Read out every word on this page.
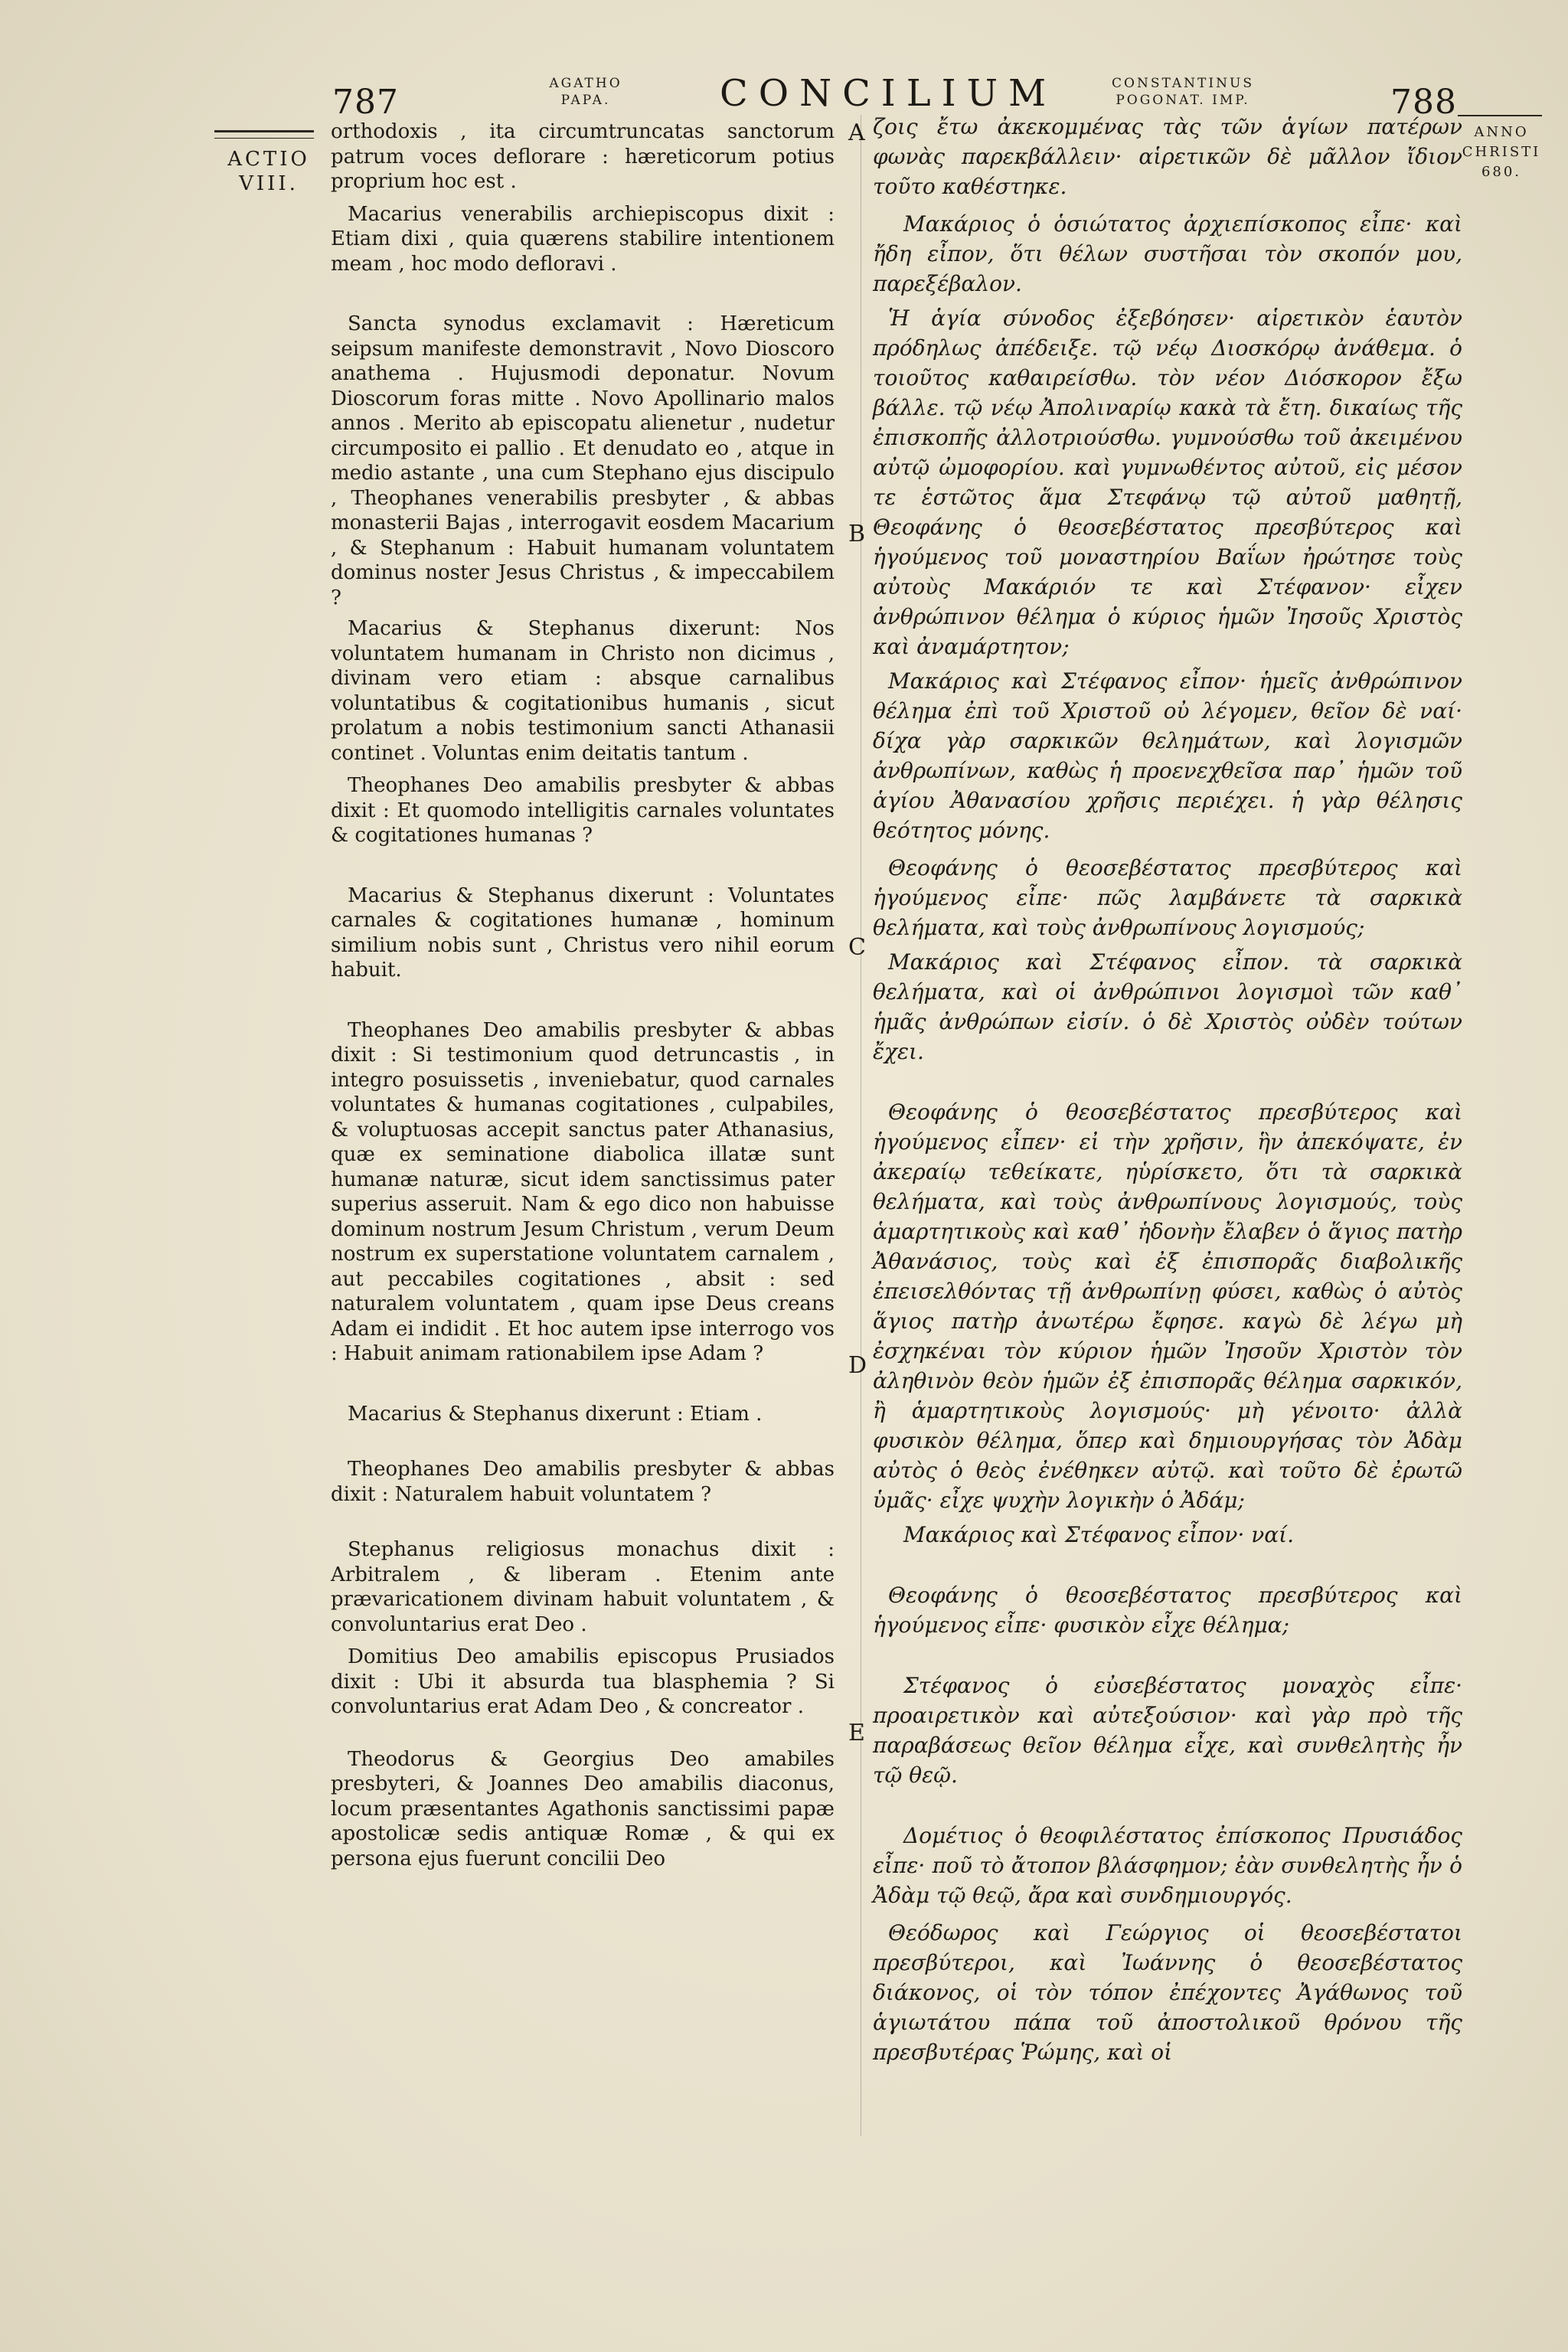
787	AGATHO
PAPA.	CONCILIUM	CONSTANTINUS
POGONAT. IMP.	788
ACTIO
VIII.
ANNO
CHRISTI
680.
A
B
C
D
E

orthodoxis , ita circumtruncatas sanctorum patrum voces deflorare : hæreticorum potius proprium hoc est .

Macarius venerabilis archiepiscopus dixit : Etiam dixi , quia quærens stabilire intentionem meam , hoc modo defloravi .

Sancta synodus exclamavit : Hæreticum seipsum manifeste demonstravit , Novo Dioscoro anathema . Hujusmodi deponatur. Novum Dioscorum foras mitte . Novo Apollinario malos annos . Merito ab episcopatu alienetur , nudetur circumposito ei pallio . Et denudato eo , atque in medio astante , una cum Stephano ejus discipulo , Theophanes venerabilis presbyter , & abbas monasterii Bajas , interrogavit eosdem Macarium , & Stephanum : Habuit humanam voluntatem dominus noster Jesus Christus , & impeccabilem ?

Macarius & Stephanus dixerunt: Nos voluntatem humanam in Christo non dicimus , divinam vero etiam : absque carnalibus voluntatibus & cogitationibus humanis , sicut prolatum a nobis testimonium sancti Athanasii continet . Voluntas enim deitatis tantum .

Theophanes Deo amabilis presbyter & abbas dixit : Et quomodo intelligitis carnales voluntates & cogitationes humanas ?

Macarius & Stephanus dixerunt : Voluntates carnales & cogitationes humanæ , hominum similium nobis sunt , Christus vero nihil eorum habuit.

Theophanes Deo amabilis presbyter & abbas dixit : Si testimonium quod detruncastis , in integro posuissetis , inveniebatur, quod carnales voluntates & humanas cogitationes , culpabiles, & voluptuosas accepit sanctus pater Athanasius, quæ ex seminatione diabolica illatæ sunt humanæ naturæ, sicut idem sanctissimus pater superius asseruit. Nam & ego dico non habuisse dominum nostrum Jesum Christum , verum Deum nostrum ex superstatione voluntatem carnalem , aut peccabiles cogitationes , absit : sed naturalem voluntatem , quam ipse Deus creans Adam ei indidit . Et hoc autem ipse interrogo vos : Habuit animam rationabilem ipse Adam ?

Macarius & Stephanus dixerunt : Etiam .

Theophanes Deo amabilis presbyter & abbas dixit : Naturalem habuit voluntatem ?

Stephanus religiosus monachus dixit : Arbitralem , & liberam . Etenim ante prævaricationem divinam habuit voluntatem , & convoluntarius erat Deo .

Domitius Deo amabilis episcopus Prusiados dixit : Ubi it absurda tua blasphemia ? Si convoluntarius erat Adam Deo , & concreator .

Theodorus & Georgius Deo amabiles presbyteri, & Joannes Deo amabilis diaconus, locum præsentantes Agathonis sanctissimi papæ apostolicæ sedis antiquæ Romæ , & qui ex persona ejus fuerunt concilii Deo

ζοις ἔτω ἀκεκομμένας τὰς τῶν ἁγίων πατέρων φωνὰς παρεκβάλλειν· αἱρετικῶν δὲ μᾶλλον ἴδιον τοῦτο καθέστηκε.

Μακάριος ὁ ὁσιώτατος ἀρχιεπίσκοπος εἶπε· καὶ ἤδη εἶπον, ὅτι θέλων συστῆσαι τὸν σκοπόν μου, παρεξέβαλον.

Ἡ ἁγία σύνοδος ἐξεβόησεν· αἱρετικὸν ἑαυτὸν πρόδηλως ἀπέδειξε. τῷ νέῳ Διοσκόρῳ ἀνάθεμα. ὁ τοιοῦτος καθαιρείσθω. τὸν νέον Διόσκορον ἔξω βάλλε. τῷ νέῳ Ἀπολιναρίῳ κακὰ τὰ ἔτη. δικαίως τῆς ἐπισκοπῆς ἀλλοτριούσθω. γυμνούσθω τοῦ ἀκειμένου αὐτῷ ὠμοφορίου. καὶ γυμνωθέντος αὐτοῦ, εἰς μέσον τε ἑστῶτος ἅμα Στεφάνῳ τῷ αὐτοῦ μαθητῇ, Θεοφάνης ὁ θεοσεβέστατος πρεσβύτερος καὶ ἡγούμενος τοῦ μοναστηρίου Βαΐων ἠρώτησε τοὺς αὐτοὺς Μακάριόν τε καὶ Στέφανον· εἶχεν ἀνθρώπινον θέλημα ὁ κύριος ἡμῶν Ἰησοῦς Χριστὸς καὶ ἀναμάρτητον;

Μακάριος καὶ Στέφανος εἶπον· ἡμεῖς ἀνθρώπινον θέλημα ἐπὶ τοῦ Χριστοῦ οὐ λέγομεν, θεῖον δὲ ναί· δίχα γὰρ σαρκικῶν θελημάτων, καὶ λογισμῶν ἀνθρωπίνων, καθὼς ἡ προενεχθεῖσα παρ᾽ ἡμῶν τοῦ ἁγίου Ἀθανασίου χρῆσις περιέχει. ἡ γὰρ θέλησις θεότητος μόνης.

Θεοφάνης ὁ θεοσεβέστατος πρεσβύτερος καὶ ἡγούμενος εἶπε· πῶς λαμβάνετε τὰ σαρκικὰ θελήματα, καὶ τοὺς ἀνθρωπίνους λογισμούς;

Μακάριος καὶ Στέφανος εἶπον. τὰ σαρκικὰ θελήματα, καὶ οἱ ἀνθρώπινοι λογισμοὶ τῶν καθ᾽ ἡμᾶς ἀνθρώπων εἰσίν. ὁ δὲ Χριστὸς οὐδὲν τούτων ἔχει.

Θεοφάνης ὁ θεοσεβέστατος πρεσβύτερος καὶ ἡγούμενος εἶπεν· εἰ τὴν χρῆσιν, ἣν ἀπεκόψατε, ἐν ἀκεραίῳ τεθείκατε, ηὑρίσκετο, ὅτι τὰ σαρκικὰ θελήματα, καὶ τοὺς ἀνθρωπίνους λογισμούς, τοὺς ἁμαρτητικοὺς καὶ καθ᾽ ἡδονὴν ἔλαβεν ὁ ἅγιος πατὴρ Ἀθανάσιος, τοὺς καὶ ἐξ ἐπισπορᾶς διαβολικῆς ἐπεισελθόντας τῇ ἀνθρωπίνῃ φύσει, καθὼς ὁ αὐτὸς ἅγιος πατὴρ ἀνωτέρω ἔφησε. καγὼ δὲ λέγω μὴ ἐσχηκέναι τὸν κύριον ἡμῶν Ἰησοῦν Χριστὸν τὸν ἀληθινὸν θεὸν ἡμῶν ἐξ ἐπισπορᾶς θέλημα σαρκικόν, ἢ ἁμαρτητικοὺς λογισμούς· μὴ γένοιτο· ἀλλὰ φυσικὸν θέλημα, ὅπερ καὶ δημιουργήσας τὸν Ἀδὰμ αὐτὸς ὁ θεὸς ἐνέθηκεν αὐτῷ. καὶ τοῦτο δὲ ἐρωτῶ ὑμᾶς· εἶχε ψυχὴν λογικὴν ὁ Ἀδάμ;

Μακάριος καὶ Στέφανος εἶπον· ναί.

Θεοφάνης ὁ θεοσεβέστατος πρεσβύτερος καὶ ἡγούμενος εἶπε· φυσικὸν εἶχε θέλημα;

Στέφανος ὁ εὐσεβέστατος μοναχὸς εἶπε· προαιρετικὸν καὶ αὐτεξούσιον· καὶ γὰρ πρὸ τῆς παραβάσεως θεῖον θέλημα εἶχε, καὶ συνθελητὴς ἦν τῷ θεῷ.

Δομέτιος ὁ θεοφιλέστατος ἐπίσκοπος Πρυσιάδος εἶπε· ποῦ τὸ ἄτοπον βλάσφημον; ἐὰν συνθελητὴς ἦν ὁ Ἀδὰμ τῷ θεῷ, ἄρα καὶ συνδημιουργός.

Θεόδωρος καὶ Γεώργιος οἱ θεοσεβέστατοι πρεσβύτεροι, καὶ Ἰωάννης ὁ θεοσεβέστατος διάκονος, οἱ τὸν τόπον ἐπέχοντες Ἀγάθωνος τοῦ ἁγιωτάτου πάπα τοῦ ἀποστολικοῦ θρόνου τῆς πρεσβυτέρας Ῥώμης, καὶ οἱ
